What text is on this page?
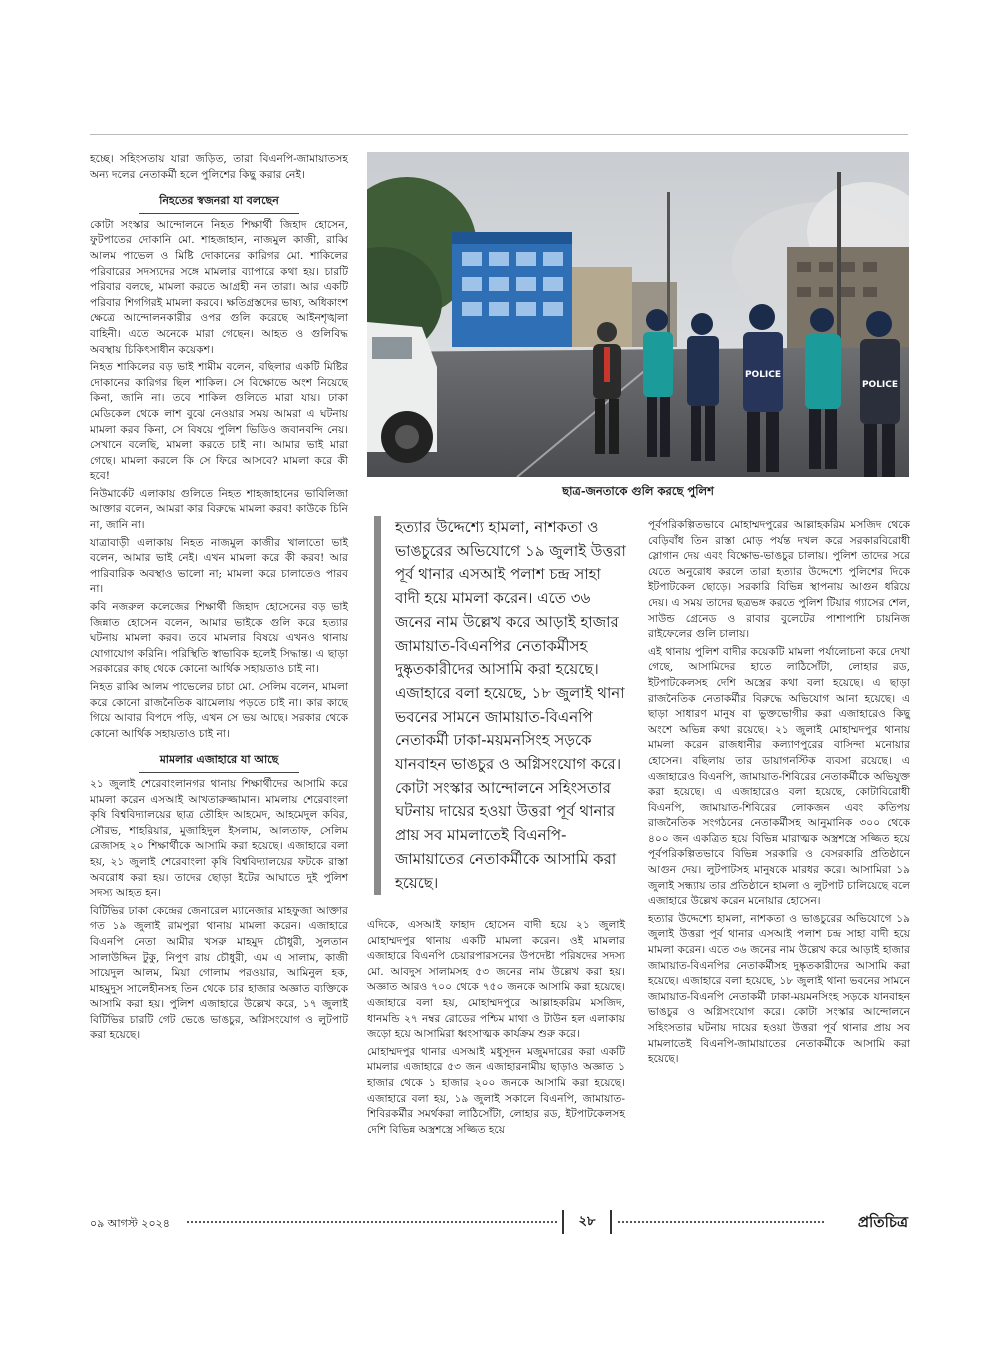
হচ্ছে। সহিংসতায় যারা জড়িত, তারা বিএনপি-জামায়াতসহ অন্য দলের নেতাকর্মী হলে পুলিশের কিছু করার নেই।

নিহতের স্বজনরা যা বলছেন

কোটা সংস্কার আন্দোলনে নিহত শিক্ষার্থী জিহাদ হোসেন, ফুটপাতের দোকানি মো. শাহজাহান, নাজমুল কাজী, রাব্বি আলম পাভেল ও মিষ্টি দোকানের কারিগর মো. শাকিলের পরিবারের সদস্যদের সঙ্গে মামলার ব্যাপারে কথা হয়। চারটি পরিবার বলছে, মামলা করতে আগ্রহী নন তারা। আর একটি পরিবার শিগগিরই মামলা করবে। ক্ষতিগ্রস্তদের ভাষ্য, অধিকাংশ ক্ষেত্রে আন্দোলনকারীর ওপর গুলি করেছে আইনশৃঙ্খলা বাহিনী। এতে অনেকে মারা গেছেন। আহত ও গুলিবিদ্ধ অবস্থায় চিকিৎসাধীন কয়েকশ।

নিহত শাকিলের বড় ভাই শামীম বলেন, বছিলার একটি মিষ্টির দোকানের কারিগর ছিল শাকিল। সে বিক্ষোভে অংশ নিয়েছে কিনা, জানি না। তবে শাকিল গুলিতে মারা যায়। ঢাকা মেডিকেল থেকে লাশ বুঝে নেওয়ার সময় আমরা এ ঘটনায় মামলা করব কিনা, সে বিষয়ে পুলিশ ভিডিও জবানবন্দি নেয়। সেখানে বলেছি, মামলা করতে চাই না। আমার ভাই মারা গেছে। মামলা করলে কি সে ফিরে আসবে? মামলা করে কী হবে!

নিউমার্কেট এলাকায় গুলিতে নিহত শাহজাহানের ভাবিলিজা আক্তার বলেন, আমরা কার বিরুদ্ধে মামলা করব! কাউকে চিনি না, জানি না।

যাত্রাবাড়ী এলাকায় নিহত নাজমুল কাজীর খালাতো ভাই বলেন, আমার ভাই নেই। এখন মামলা করে কী করব! আর পারিবারিক অবস্থাও ভালো না; মামলা করে চালাতেও পারব না।

কবি নজরুল কলেজের শিক্ষার্থী জিহাদ হোসেনের বড় ভাই জিন্নাত হোসেন বলেন, আমার ভাইকে গুলি করে হত্যার ঘটনায় মামলা করব। তবে মামলার বিষয়ে এখনও থানায় যোগাযোগ করিনি। পরিস্থিতি স্বাভাবিক হলেই সিদ্ধান্ত। এ ছাড়া সরকারের কাছ থেকে কোনো আর্থিক সহায়তাও চাই না।

নিহত রাব্বি আলম পাভেলের চাচা মো. সেলিম বলেন, মামলা করে কোনো রাজনৈতিক ঝামেলায় পড়তে চাই না। কার কাছে গিয়ে আবার বিপদে পড়ি, এখন সে ভয় আছে। সরকার থেকে কোনো আর্থিক সহায়তাও চাই না।

মামলার এজাহারে যা আছে

২১ জুলাই শেরেবাংলানগর থানায় শিক্ষার্থীদের আসামি করে মামলা করেন এসআই আখতারুজ্জামান। মামলায় শেরেবাংলা কৃষি বিশ্ববিদ্যালয়ের ছাত্র তৌহিদ আহমেদ, আহমেদুল কবির, সৌরভ, শাহরিয়ার, মুজাহিদুল ইসলাম, আলতাফ, সেলিম রেজাসহ ২০ শিক্ষার্থীকে আসামি করা হয়েছে। এজাহারে বলা হয়, ২১ জুলাই শেরেবাংলা কৃষি বিশ্ববিদ্যালয়ের ফটকে রাস্তা অবরোধ করা হয়। তাদের ছোড়া ইটের আঘাতে দুই পুলিশ সদস্য আহত হন।

বিটিভির ঢাকা কেন্দ্রের জেনারেল ম্যানেজার মাহফুজা আক্তার গত ১৯ জুলাই রামপুরা থানায় মামলা করেন। এজাহারে বিএনপি নেতা আমীর খসরু মাহমুদ চৌধুরী, সুলতান সালাউদ্দিন টুকু, নিপুণ রায় চৌধুরী, এম এ সালাম, কাজী সায়েদুল আলম, মিয়া গোলাম পরওয়ার, আমিনুল হক, মাহমুদুস সালেহীনসহ তিন থেকে চার হাজার অজ্ঞাত ব্যক্তিকে আসামি করা হয়। পুলিশ এজাহারে উল্লেখ করে, ১৭ জুলাই বিটিভির চারটি গেট ভেঙে ভাঙচুর, অগ্নিসংযোগ ও লুটপাট করা হয়েছে।

POLICE
POLICE
ছাত্র-জনতাকে গুলি করছে পুলিশ
হত্যার উদ্দেশ্যে হামলা, নাশকতা ও ভাঙচুরের অভিযোগে ১৯ জুলাই উত্তরা পূর্ব থানার এসআই পলাশ চন্দ্র সাহা বাদী হয়ে মামলা করেন। এতে ৩৬ জনের নাম উল্লেখ করে আড়াই হাজার জামায়াত-বিএনপির নেতাকর্মীসহ দুষ্কৃতকারীদের আসামি করা হয়েছে। এজাহারে বলা হয়েছে, ১৮ জুলাই থানা ভবনের সামনে জামায়াত-বিএনপি নেতাকর্মী ঢাকা-ময়মনসিংহ সড়কে যানবাহন ভাঙচুর ও অগ্নিসংযোগ করে। কোটা সংস্কার আন্দোলনে সহিংসতার ঘটনায় দায়ের হওয়া উত্তরা পূর্ব থানার প্রায় সব মামলাতেই বিএনপি-জামায়াতের নেতাকর্মীকে আসামি করা হয়েছে।

এদিকে, এসআই ফাহাদ হোসেন বাদী হয়ে ২১ জুলাই মোহাম্মদপুর থানায় একটি মামলা করেন। ওই মামলার এজাহারে বিএনপি চেয়ারপারসনের উপদেষ্টা পরিষদের সদস্য মো. আবদুস সালামসহ ৫৩ জনের নাম উল্লেখ করা হয়। অজ্ঞাত আরও ৭০০ থেকে ৭৫০ জনকে আসামি করা হয়েছে। এজাহারে বলা হয়, মোহাম্মদপুরে আল্লাহকরিম মসজিদ, ধানমন্ডি ২৭ নম্বর রোডের পশ্চিম মাথা ও টাউন হল এলাকায় জড়ো হয়ে আসামিরা ধ্বংসাত্মক কার্যক্রম শুরু করে।

মোহাম্মদপুর থানার এসআই মধুসূদন মজুমদারের করা একটি মামলার এজাহারে ৫৩ জন এজাহারনামীয় ছাড়াও অজ্ঞাত ১ হাজার থেকে ১ হাজার ২০০ জনকে আসামি করা হয়েছে। এজাহারে বলা হয়, ১৯ জুলাই সকালে বিএনপি, জামায়াত-শিবিরকর্মীর সমর্থকরা লাঠিসোঁটা, লোহার রড, ইটপাটকেলসহ দেশি বিভিন্ন অস্ত্রশস্ত্রে সজ্জিত হয়ে

পূর্বপরিকল্পিতভাবে মোহাম্মদপুরের আল্লাহকরিম মসজিদ থেকে বেড়িবাঁধ তিন রাস্তা মোড় পর্যন্ত দখল করে সরকারবিরোধী স্লোগান দেয় এবং বিক্ষোভ-ভাঙচুর চালায়। পুলিশ তাদের সরে যেতে অনুরোধ করলে তারা হত্যার উদ্দেশ্যে পুলিশের দিকে ইটপাটকেল ছোড়ে। সরকারি বিভিন্ন স্থাপনায় আগুন ধরিয়ে দেয়। এ সময় তাদের ছত্রভঙ্গ করতে পুলিশ টিয়ার গ্যাসের শেল, সাউন্ড গ্রেনেড ও রাবার বুলেটের পাশাপাশি চায়নিজ রাইফেলের গুলি চালায়।

এই থানায় পুলিশ বাদীর কয়েকটি মামলা পর্যালোচনা করে দেখা গেছে, আসামিদের হাতে লাঠিসোঁটা, লোহার রড, ইটপাটকেলসহ দেশি অস্ত্রের কথা বলা হয়েছে। এ ছাড়া রাজনৈতিক নেতাকর্মীর বিরুদ্ধে অভিযোগ আনা হয়েছে। এ ছাড়া সাধারণ মানুষ বা ভুক্তভোগীর করা এজাহারেও কিছু অংশে অভিন্ন কথা রয়েছে। ২১ জুলাই মোহাম্মদপুর থানায় মামলা করেন রাজধানীর কল্যাণপুরের বাসিন্দা মনোয়ার হোসেন। বছিলায় তার ডায়াগনস্টিক ব্যবসা রয়েছে। এ এজাহারেও বিএনপি, জামায়াত-শিবিরের নেতাকর্মীকে অভিযুক্ত করা হয়েছে। এ এজাহারেও বলা হয়েছে, কোটাবিরোধী বিএনপি, জামায়াত-শিবিরের লোকজন এবং কতিপয় রাজনৈতিক সংগঠনের নেতাকর্মীসহ আনুমানিক ৩০০ থেকে ৪০০ জন একত্রিত হয়ে বিভিন্ন মারাত্মক অস্ত্রশস্ত্রে সজ্জিত হয়ে পূর্বপরিকল্পিতভাবে বিভিন্ন সরকারি ও বেসরকারি প্রতিষ্ঠানে আগুন দেয়। লুটপাটসহ মানুষকে মারধর করে। আসামিরা ১৯ জুলাই সন্ধ্যায় তার প্রতিষ্ঠানে হামলা ও লুটপাট চালিয়েছে বলে এজাহারে উল্লেখ করেন মনোয়ার হোসেন।

হত্যার উদ্দেশ্যে হামলা, নাশকতা ও ভাঙচুরের অভিযোগে ১৯ জুলাই উত্তরা পূর্ব থানার এসআই পলাশ চন্দ্র সাহা বাদী হয়ে মামলা করেন। এতে ৩৬ জনের নাম উল্লেখ করে আড়াই হাজার জামায়াত-বিএনপির নেতাকর্মীসহ দুষ্কৃতকারীদের আসামি করা হয়েছে। এজাহারে বলা হয়েছে, ১৮ জুলাই থানা ভবনের সামনে জামায়াত-বিএনপি নেতাকর্মী ঢাকা-ময়মনসিংহ সড়কে যানবাহন ভাঙচুর ও অগ্নিসংযোগ করে। কোটা সংস্কার আন্দোলনে সহিংসতার ঘটনায় দায়ের হওয়া উত্তরা পূর্ব থানার প্রায় সব মামলাতেই বিএনপি-জামায়াতের নেতাকর্মীকে আসামি করা হয়েছে।

০৯ আগস্ট ২০২৪	২৮	প্রতিচিত্র
